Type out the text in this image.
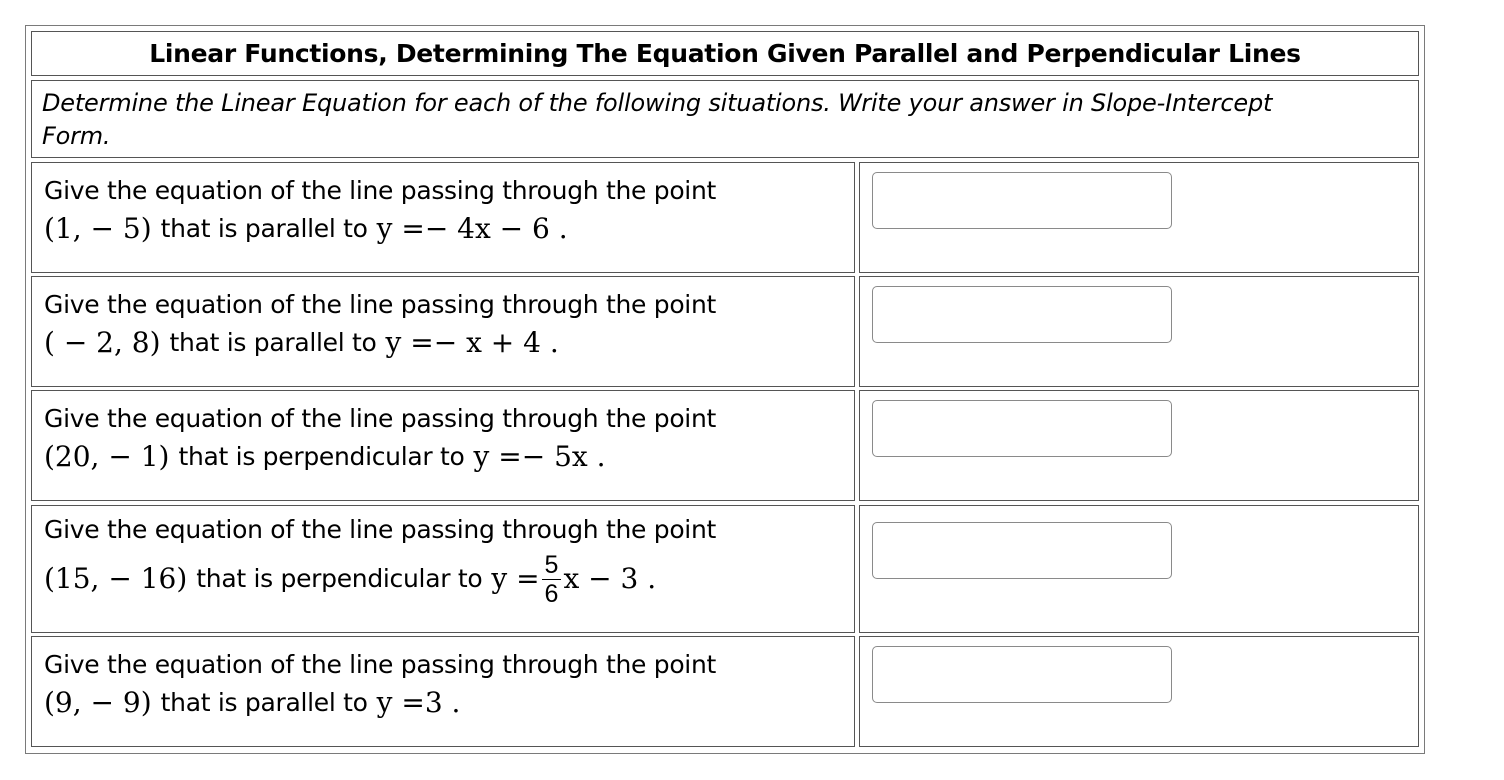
Linear Functions, Determining The Equation Given Parallel and Perpendicular Lines
Determine the Linear Equation for each of the following situations. Write your answer in Slope-Intercept Form.
Give the equation of the line passing through the point
(1, − 5) that is parallel to y = − 4x − 6 .
Give the equation of the line passing through the point
( − 2, 8) that is parallel to y = − x + 4 .
Give the equation of the line passing through the point
(20, − 1) that is perpendicular to y = − 5x .
Give the equation of the line passing through the point
(15, − 16) that is perpendicular to $y = \frac{5}{6}$ x − 3 .
Give the equation of the line passing through the point
(9, − 9) that is parallel to y = 3 .
